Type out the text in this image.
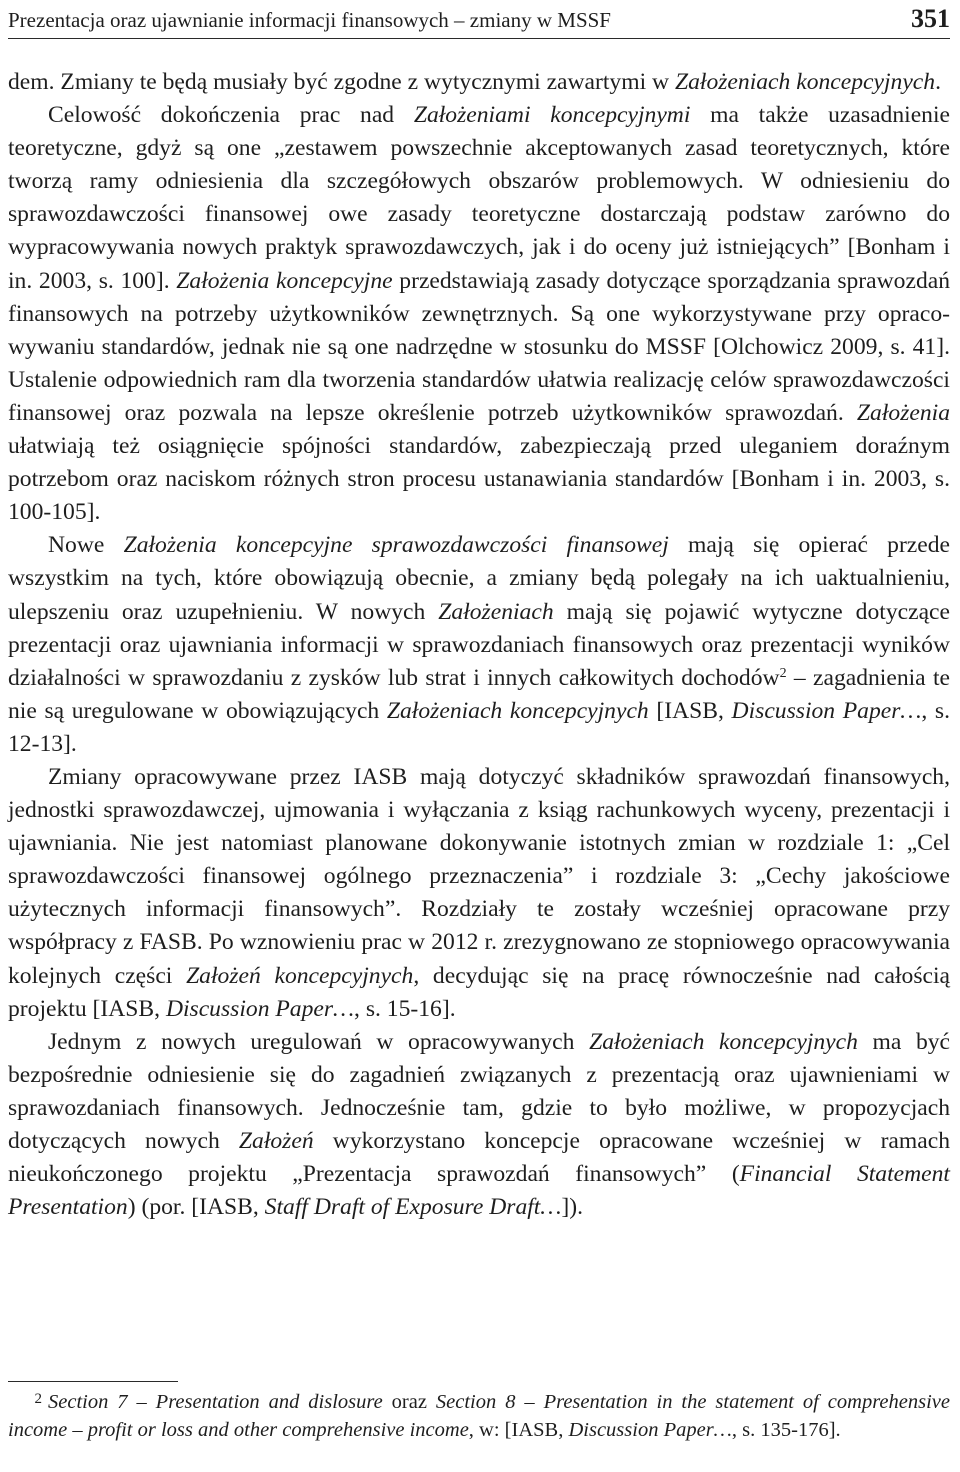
Prezentacja oraz ujawnianie informacji finansowych – zmiany w MSSF	351

dem. Zmiany te będą musiały być zgodne z wytycznymi zawartymi w Założeniach koncepcyjnych.

Celowość dokończenia prac nad Założeniami koncepcyjnymi ma także uzasadnienie teoretyczne, gdyż są one „zestawem powszechnie akceptowanych zasad teoretycznych, które tworzą ramy odniesienia dla szczegółowych obszarów problemowych. W odniesieniu do sprawozdawczości finansowej owe zasady teoretyczne dostarczają podstaw zarówno do wypracowywania nowych praktyk sprawozdawczych, jak i do oceny już istniejących” [Bonham i in. 2003, s. 100]. Założenia koncepcyjne przedstawiają zasady dotyczące sporządzania sprawozdań finansowych na potrzeby użytkowników zewnętrznych. Są one wykorzystywane przy opracowywaniu standardów, jednak nie są one nadrzędne w stosunku do MSSF [Olchowicz 2009, s. 41]. Ustalenie odpowiednich ram dla tworzenia standardów ułatwia realizację celów sprawozdawczości finansowej oraz pozwala na lepsze określenie potrzeb użytkowników sprawozdań. Założenia ułatwiają też osiągnięcie spójności standardów, zabezpieczają przed uleganiem doraźnym potrzebom oraz naciskom różnych stron procesu ustanawiania standardów [Bonham i in. 2003, s. 100-105].

Nowe Założenia koncepcyjne sprawozdawczości finansowej mają się opierać przede wszystkim na tych, które obowiązują obecnie, a zmiany będą polegały na ich uaktualnieniu, ulepszeniu oraz uzupełnieniu. W nowych Założeniach mają się pojawić wytyczne dotyczące prezentacji oraz ujawniania informacji w sprawozdaniach finansowych oraz prezentacji wyników działalności w sprawozdaniu z zysków lub strat i innych całkowitych dochodów$^2$ – zagadnienia te nie są uregulowane w obowiązujących Założeniach koncepcyjnych [IASB, Discussion Paper…, s. 12-13].

Zmiany opracowywane przez IASB mają dotyczyć składników sprawozdań finansowych, jednostki sprawozdawczej, ujmowania i wyłączania z ksiąg rachunkowych wyceny, prezentacji i ujawniania. Nie jest natomiast planowane dokonywanie istotnych zmian w rozdziale 1: „Cel sprawozdawczości finansowej ogólnego przeznaczenia” i rozdziale 3: „Cechy jakościowe użytecznych informacji finansowych”. Rozdziały te zostały wcześniej opracowane przy współpracy z FASB. Po wznowieniu prac w 2012 r. zrezygnowano ze stopniowego opracowywania kolejnych części Założeń koncepcyjnych, decydując się na pracę równocześnie nad całością projektu [IASB, Discussion Paper…, s. 15-16].

Jednym z nowych uregulowań w opracowywanych Założeniach koncepcyjnych ma być bezpośrednie odniesienie się do zagadnień związanych z prezentacją oraz ujawnieniami w sprawozdaniach finansowych. Jednocześnie tam, gdzie to było możliwe, w propozycjach dotyczących nowych Założeń wykorzystano koncepcje opracowane wcześniej w ramach nieukończonego projektu „Prezentacja sprawozdań finansowych” (Financial Statement Presentation) (por. [IASB, Staff Draft of Exposure Draft…]).

2 Section 7 – Presentation and dislosure oraz Section 8 – Presentation in the statement of comprehensive income – profit or loss and other comprehensive income, w: [IASB, Discussion Paper…, s. 135-176].
